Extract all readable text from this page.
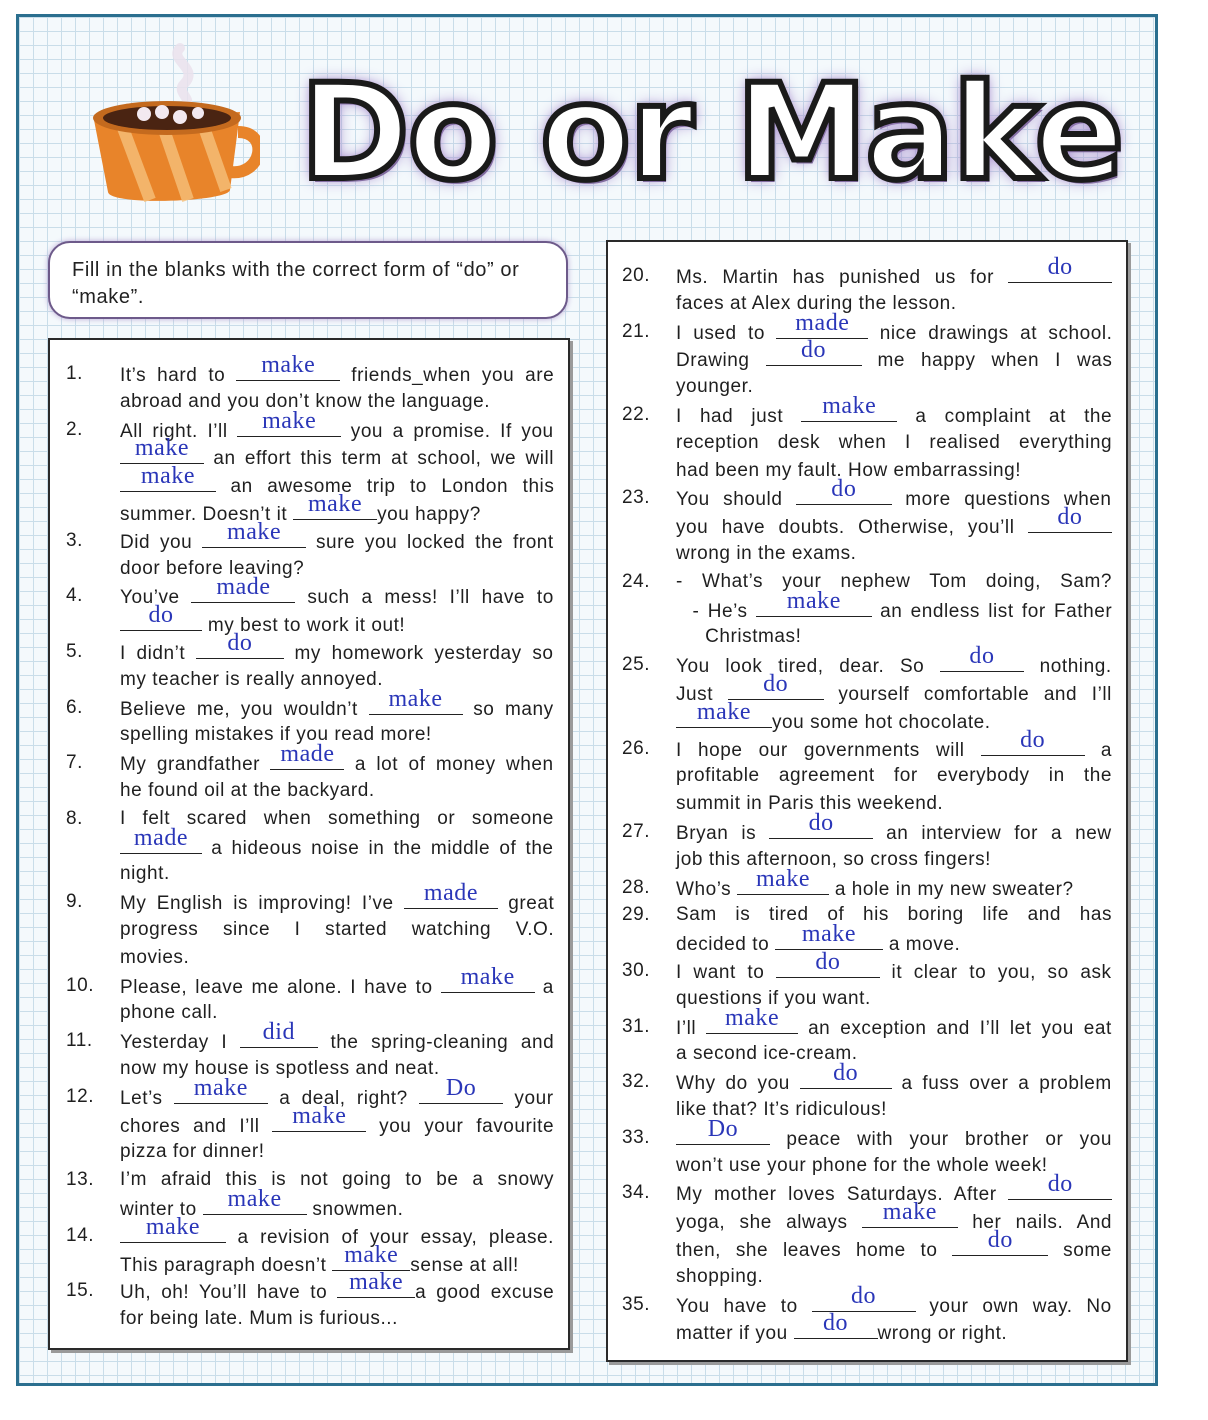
Do or Make
Fill in the blanks with the correct form of “do” or “make”.
1. It’s hard to	make	friends_when you are
abroad and you don’t know the language.
2. All right. I’ll	make	you a promise. If you
make an effort this term at school, we will
make	an awesome trip to London this
summer. Doesn’t it make you happy?
3. Did you	make	sure you locked the front
door before leaving?
4. You’ve	made	such a mess! I’ll have to
do	my best to work it out!
5. I didn’t	do	my homework yesterday so
my teacher is really annoyed.
6. Believe me, you wouldn’t make	so many
spelling mistakes if you read more!
7. My grandfather made a lot of money when
he found oil at the backyard.
8. I felt scared when something or someone
made a hideous noise in the middle of the
night.
9. My English is improving! I’ve made	great
progress since I started watching V.O.
movies.
10. Please, leave me alone. I have to make	a
phone call.
11. Yesterday I did	the spring-cleaning and
now my house is spotless and neat.
12. Let’s make	a deal, right?	Do	your
chores and I’ll make	you your favourite
pizza for dinner!
13. I’m afraid this is not going to be a snowy
winter to	make	snowmen.
14.	make	a revision of your essay, please.
This paragraph doesn’t make sense at all!
15. Uh, oh! You’ll have to make a good excuse
for being late. Mum is furious...
20. Ms. Martin has punished us for	do
faces at Alex during the lesson.
21. I used to made nice drawings at school.
Drawing	do	me happy when I was
younger.
22. I had just make	a complaint at the
reception desk when I realised everything
had been my fault. How embarrassing!
23. You should	do	more questions when
you have doubts. Otherwise, you’ll	do
wrong in the exams.
24. - What’s your nephew Tom doing, Sam?
- He’s	make	an endless list for Father
Christmas!
25. You look tired, dear. So	do	nothing.
Just	do	yourself comfortable and I’ll
make	you some hot chocolate.
26. I hope our governments will	do	a
profitable agreement for everybody in the
summit in Paris this weekend.
27. Bryan is	do	an interview for a new
job this afternoon, so cross fingers!
28. Who’s make a hole in my new sweater?
29. Sam is tired of his boring life and has
decided to	make	a move.
30. I want to	do	it clear to you, so ask
questions if you want.
31. I’ll make an exception and I’ll let you eat
a second ice-cream.
32. Why do you	do	a fuss over a problem
like that? It’s ridiculous!
33.	Do	peace with your brother or you
won’t use your phone for the whole week!
34. My mother loves Saturdays. After	do
yoga, she always make	her nails. And
then, she leaves home to	do	some
shopping.
35. You have to	do	your own way. No
matter if you	do	wrong or right.
